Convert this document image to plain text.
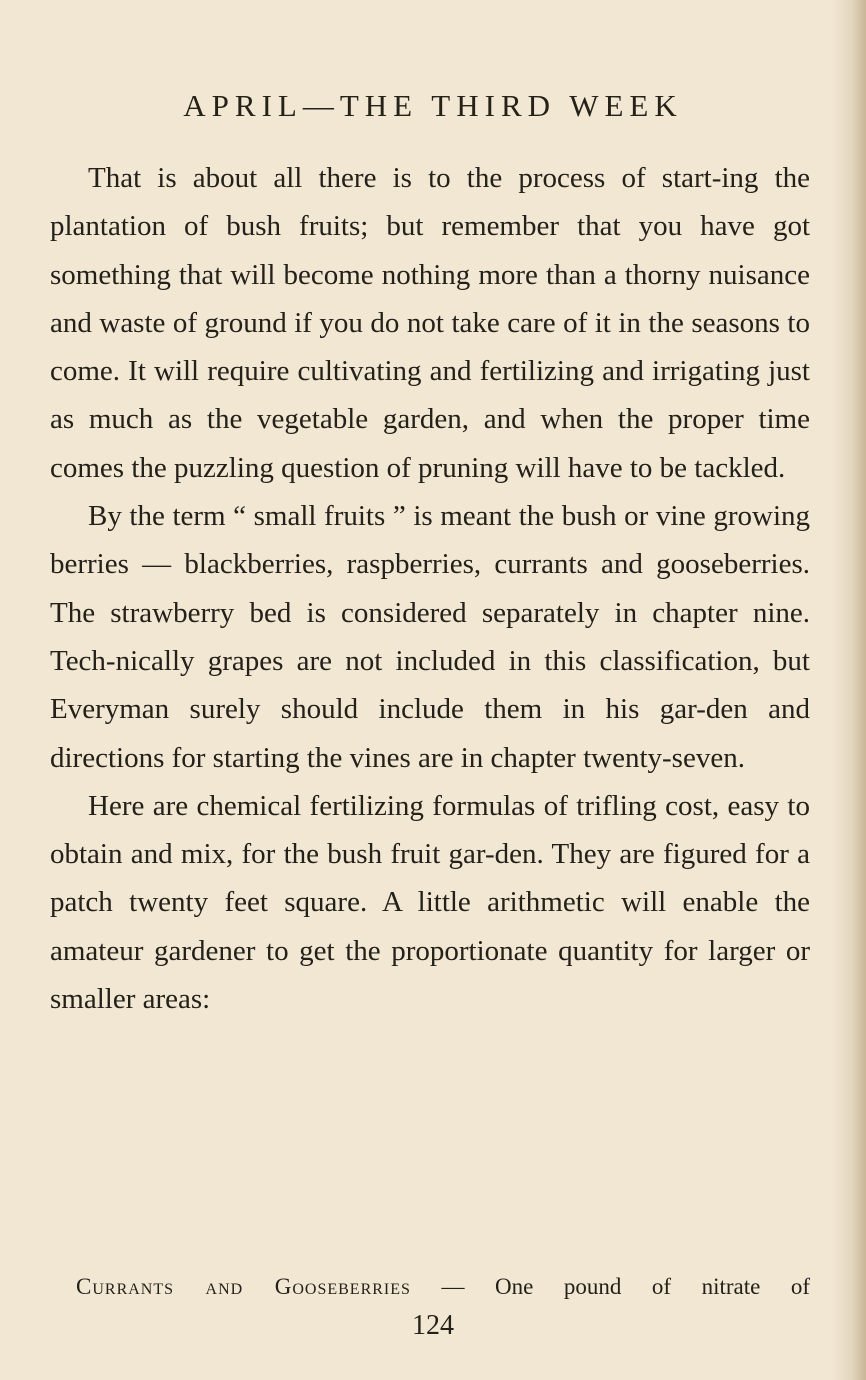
APRIL—THE THIRD WEEK

That is about all there is to the process of start-ing the plantation of bush fruits; but remember that you have got something that will become nothing more than a thorny nuisance and waste of ground if you do not take care of it in the seasons to come. It will require cultivating and fertilizing and irrigating just as much as the vegetable garden, and when the proper time comes the puzzling question of pruning will have to be tackled.

By the term “ small fruits ” is meant the bush or vine growing berries — blackberries, raspberries, currants and gooseberries. The strawberry bed is considered separately in chapter nine. Tech-nically grapes are not included in this classification, but Everyman surely should include them in his gar-den and directions for starting the vines are in chapter twenty-seven.

Here are chemical fertilizing formulas of trifling cost, easy to obtain and mix, for the bush fruit gar-den. They are figured for a patch twenty feet square. A little arithmetic will enable the amateur gardener to get the proportionate quantity for larger or smaller areas:

Currants and Gooseberries — One pound of nitrate of
124
